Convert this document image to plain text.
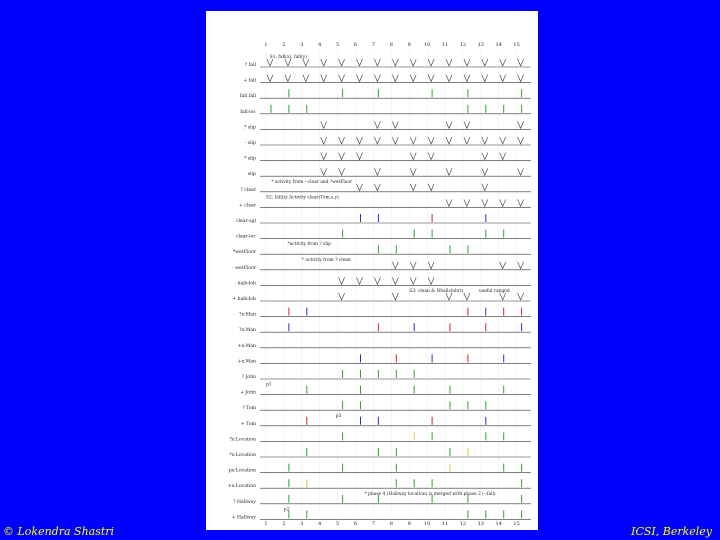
1
1
2
2
3
3
4
4
5
5
6
6
7
7
8
8
9
9
10
10
11
11
12
12
13
13
14
14
15
15
? fall
+ fall
fall fall
fall-loc
? slip
- slip
* slip
slip
? clear
+ clear
clear-sgl
clear-loc
*wetFloor
- wetFloor
- hallclob
+ hallclob
?x:Man
?x:Man
+x:Man
+x:Man
? John
+ John
? Tom
+ Tom
?x:Location
*x:Location
px:Location
+x:Location
? Hallway
+ Hallway
S1: fall(x), fall(y)
* activity from --clear and ?wetFloor
S2: fall(x) Activity clear(Tom,s,y)
*activity from ? slip
* activity from ? clean
S3: clean & Nhallclob(t)	useful ranged
p1
p3
* phase 4 (Hallway location) is merged with phase 2 (--fall)
p2
© Lokendra Shastri	ICSI, Berkeley
